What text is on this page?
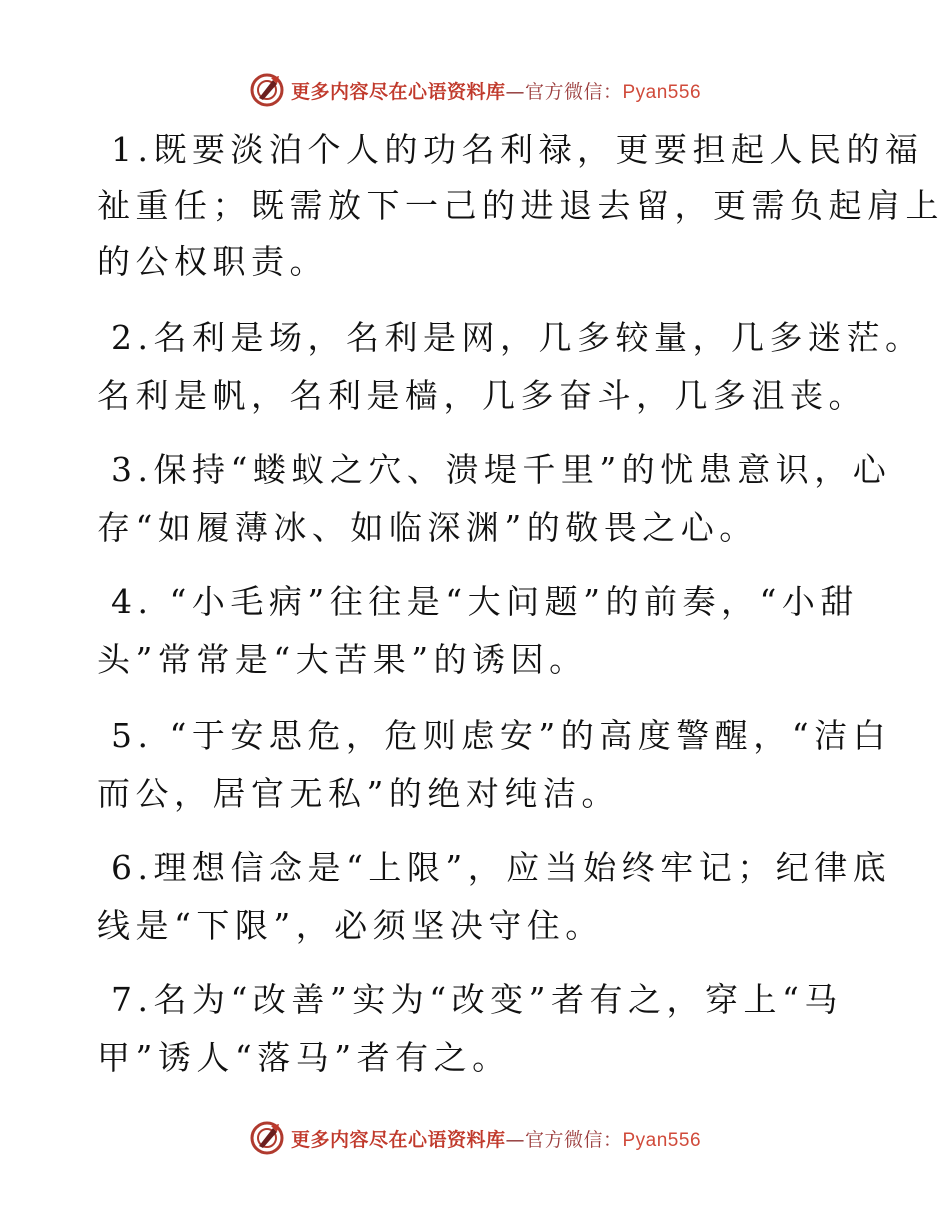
更多内容尽在心语资料库—官方微信：Pyan556
1.既要淡泊个人的功名利禄，更要担起人民的福
祉重任；既需放下一己的进退去留，更需负起肩上
的公权职责。
2.名利是场，名利是网，几多较量，几多迷茫。
名利是帆，名利是樯，几多奋斗，几多沮丧。
3.保持“蝼蚁之穴、溃堤千里”的忧患意识，心
存“如履薄冰、如临深渊”的敬畏之心。
4. “小毛病”往往是“大问题”的前奏，“小甜
头”常常是“大苦果”的诱因。
5. “于安思危，危则虑安”的高度警醒，“洁白
而公，居官无私”的绝对纯洁。
6.理想信念是“上限”，应当始终牢记；纪律底
线是“下限”，必须坚决守住。
7.名为“改善”实为“改变”者有之，穿上“马
甲”诱人“落马”者有之。
更多内容尽在心语资料库—官方微信：Pyan556
